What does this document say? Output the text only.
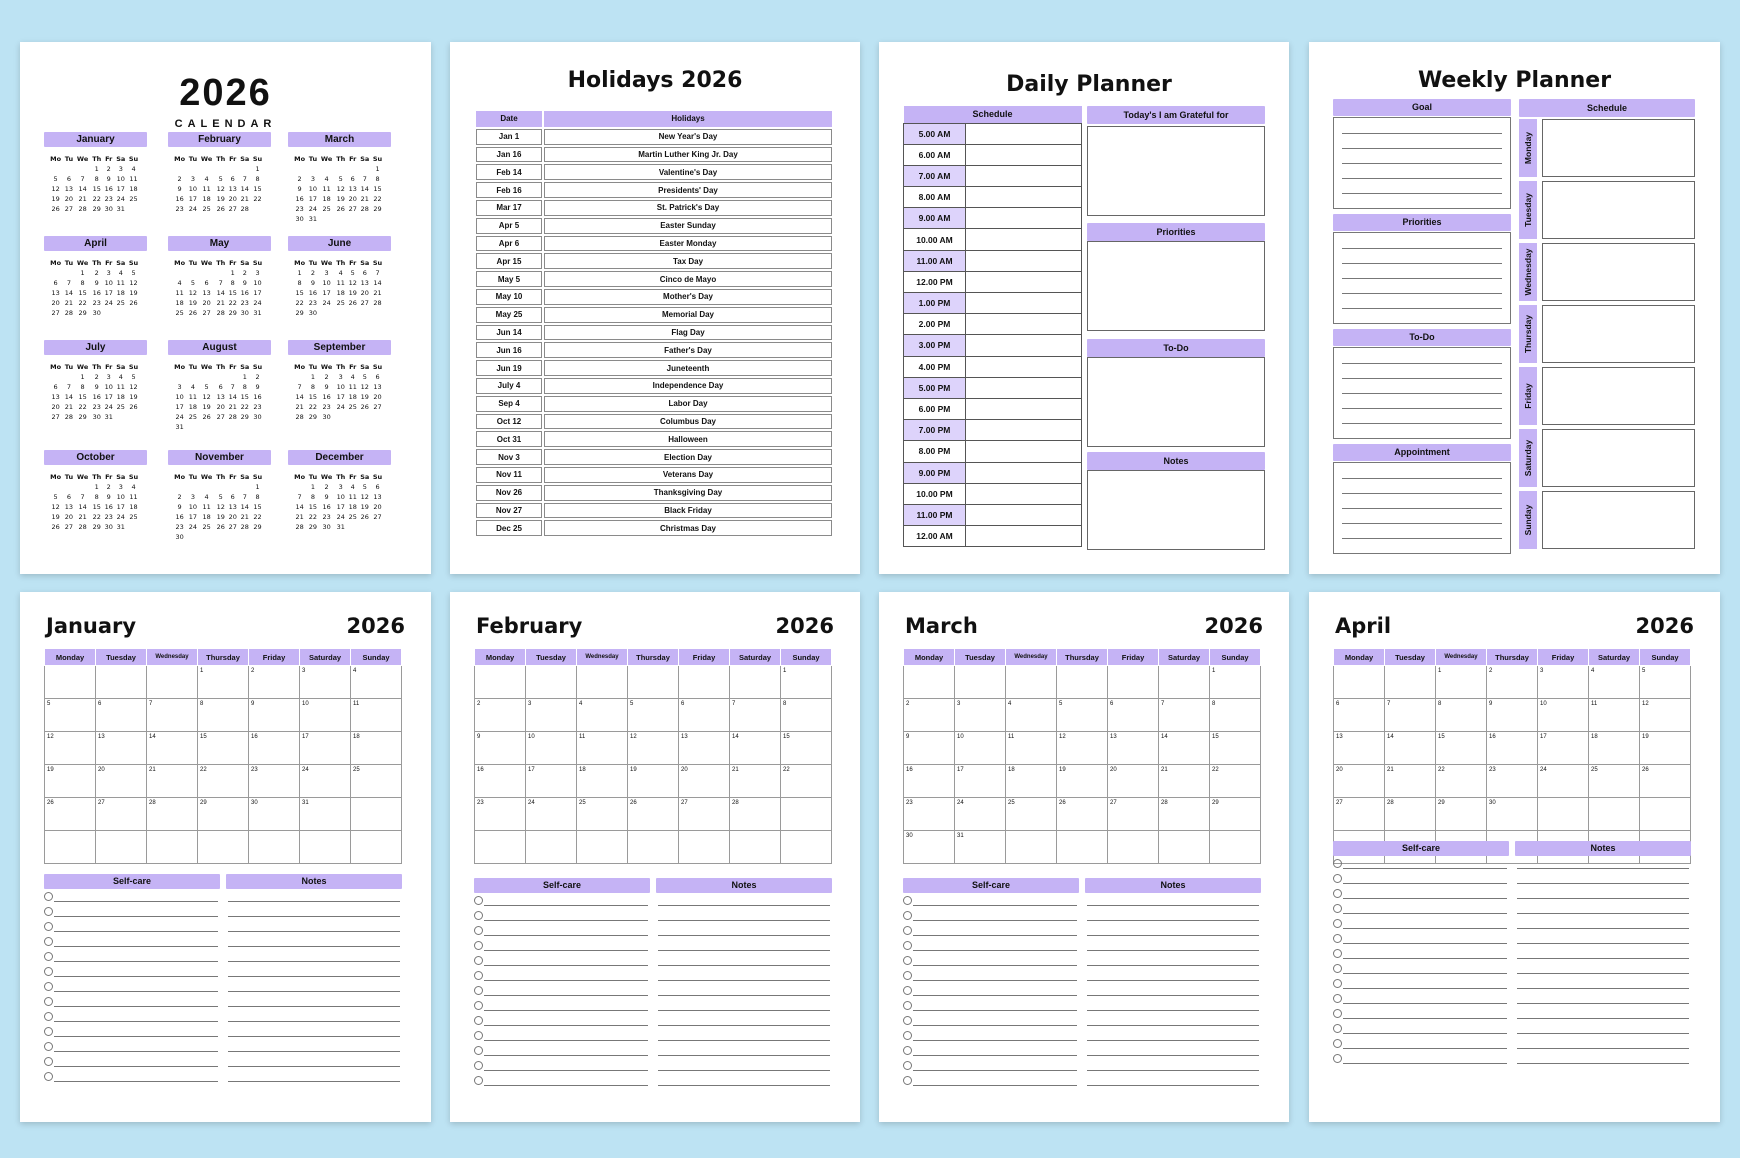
2026
CALENDAR
January
Mo	Tu	We	Th	Fr	Sa	Su
			1	2	3	4
5	6	7	8	9	10	11
12	13	14	15	16	17	18
19	20	21	22	23	24	25
26	27	28	29	30	31	
February
Mo	Tu	We	Th	Fr	Sa	Su
						1
2	3	4	5	6	7	8
9	10	11	12	13	14	15
16	17	18	19	20	21	22
23	24	25	26	27	28	
March
Mo	Tu	We	Th	Fr	Sa	Su
						1
2	3	4	5	6	7	8
9	10	11	12	13	14	15
16	17	18	19	20	21	22
23	24	25	26	27	28	29
30	31					
April
Mo	Tu	We	Th	Fr	Sa	Su
		1	2	3	4	5
6	7	8	9	10	11	12
13	14	15	16	17	18	19
20	21	22	23	24	25	26
27	28	29	30			
May
Mo	Tu	We	Th	Fr	Sa	Su
				1	2	3
4	5	6	7	8	9	10
11	12	13	14	15	16	17
18	19	20	21	22	23	24
25	26	27	28	29	30	31
June
Mo	Tu	We	Th	Fr	Sa	Su
1	2	3	4	5	6	7
8	9	10	11	12	13	14
15	16	17	18	19	20	21
22	23	24	25	26	27	28
29	30					
July
Mo	Tu	We	Th	Fr	Sa	Su
		1	2	3	4	5
6	7	8	9	10	11	12
13	14	15	16	17	18	19
20	21	22	23	24	25	26
27	28	29	30	31		
August
Mo	Tu	We	Th	Fr	Sa	Su
					1	2
3	4	5	6	7	8	9
10	11	12	13	14	15	16
17	18	19	20	21	22	23
24	25	26	27	28	29	30
31						
September
Mo	Tu	We	Th	Fr	Sa	Su
	1	2	3	4	5	6
7	8	9	10	11	12	13
14	15	16	17	18	19	20
21	22	23	24	25	26	27
28	29	30				
October
Mo	Tu	We	Th	Fr	Sa	Su
			1	2	3	4
5	6	7	8	9	10	11
12	13	14	15	16	17	18
19	20	21	22	23	24	25
26	27	28	29	30	31	
November
Mo	Tu	We	Th	Fr	Sa	Su
						1
2	3	4	5	6	7	8
9	10	11	12	13	14	15
16	17	18	19	20	21	22
23	24	25	26	27	28	29
30						
December
Mo	Tu	We	Th	Fr	Sa	Su
	1	2	3	4	5	6
7	8	9	10	11	12	13
14	15	16	17	18	19	20
21	22	23	24	25	26	27
28	29	30	31			
Holidays 2026
Date	Holidays
Jan 1	New Year's Day
Jan 16	Martin Luther King Jr. Day
Feb 14	Valentine's Day
Feb 16	Presidents' Day
Mar 17	St. Patrick's Day
Apr 5	Easter Sunday
Apr 6	Easter Monday
Apr 15	Tax Day
May 5	Cinco de Mayo
May 10	Mother's Day
May 25	Memorial Day
Jun 14	Flag Day
Jun 16	Father's Day
Jun 19	Juneteenth
July 4	Independence Day
Sep 4	Labor Day
Oct 12	Columbus Day
Oct 31	Halloween
Nov 3	Election Day
Nov 11	Veterans Day
Nov 26	Thanksgiving Day
Nov 27	Black Friday
Dec 25	Christmas Day
Daily Planner
Schedule	
5.00 AM	
6.00 AM	
7.00 AM	
8.00 AM	
9.00 AM	
10.00 AM	
11.00 AM	
12.00 PM	
1.00 PM	
2.00 PM	
3.00 PM	
4.00 PM	
5.00 PM	
6.00 PM	
7.00 PM	
8.00 PM	
9.00 PM	
10.00 PM	
11.00 PM	
12.00 AM	
Today's I am Grateful for
Priorities
To-Do
Notes
Weekly Planner
Goal
Priorities
To-Do
Appointment
Schedule
Monday
Tuesday
Wednesday
Thursday
Friday
Saturday
Sunday
January	2026
Monday	Tuesday	Wednesday	Thursday	Friday	Saturday	Sunday
			1	2	3	4
5	6	7	8	9	10	11
12	13	14	15	16	17	18
19	20	21	22	23	24	25
26	27	28	29	30	31	

Self-care	Notes
February	2026
Monday	Tuesday	Wednesday	Thursday	Friday	Saturday	Sunday
						1
2	3	4	5	6	7	8
9	10	11	12	13	14	15
16	17	18	19	20	21	22
23	24	25	26	27	28	

Self-care	Notes
March	2026
Monday	Tuesday	Wednesday	Thursday	Friday	Saturday	Sunday
						1
2	3	4	5	6	7	8
9	10	11	12	13	14	15
16	17	18	19	20	21	22
23	24	25	26	27	28	29
30	31					
Self-care	Notes
April	2026
Monday	Tuesday	Wednesday	Thursday	Friday	Saturday	Sunday
		1	2	3	4	5
6	7	8	9	10	11	12
13	14	15	16	17	18	19
20	21	22	23	24	25	26
27	28	29	30			

Self-care	Notes
